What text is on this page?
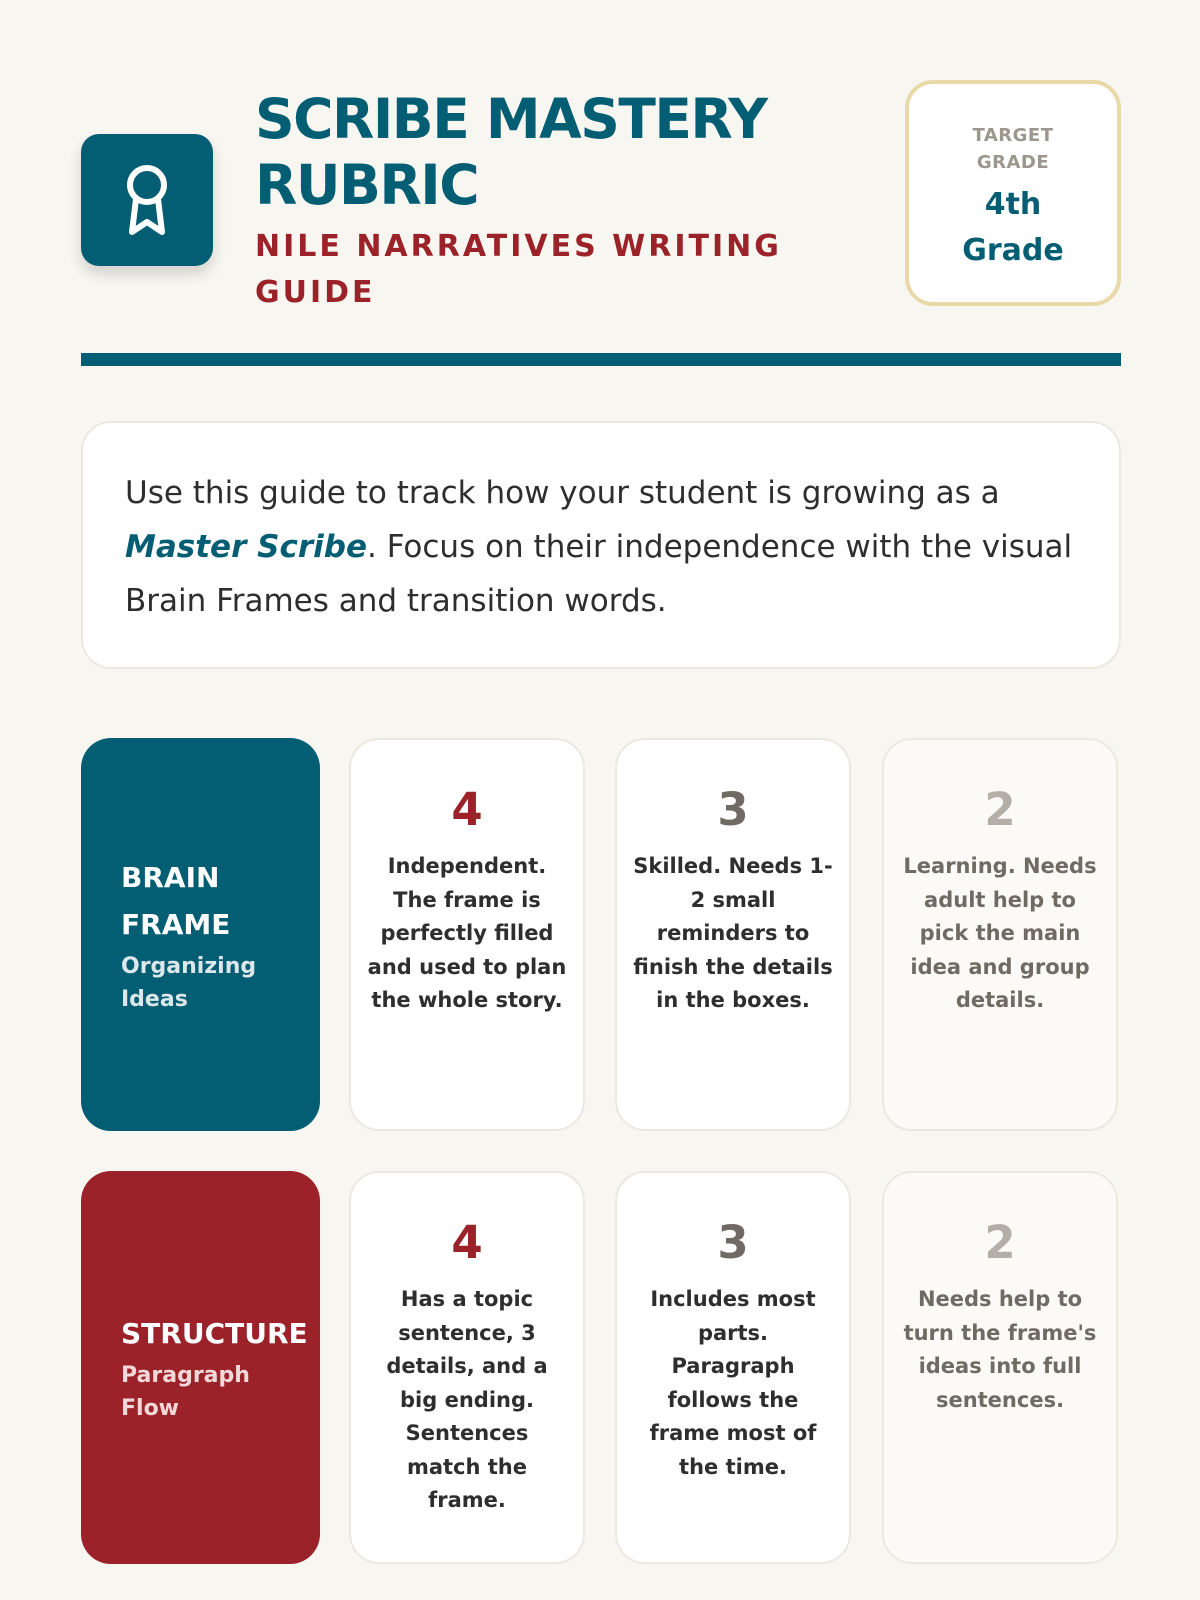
SCRIBE MASTERY RUBRIC

NILE NARRATIVES WRITING GUIDE

TARGET GRADE
4th Grade

Use this guide to track how your student is growing as a Master Scribe. Focus on their independence with the visual Brain Frames and transition words.

BRAIN FRAME
Organizing Ideas
4
Independent. The frame is perfectly filled and used to plan the whole story.
3
Skilled. Needs 1-2 small reminders to finish the details in the boxes.
2
Learning. Needs adult help to pick the main idea and group details.
STRUCTURE
Paragraph Flow
4
Has a topic sentence, 3 details, and a big ending. Sentences match the frame.
3
Includes most parts. Paragraph follows the frame most of the time.
2
Needs help to turn the frame's ideas into full sentences.
